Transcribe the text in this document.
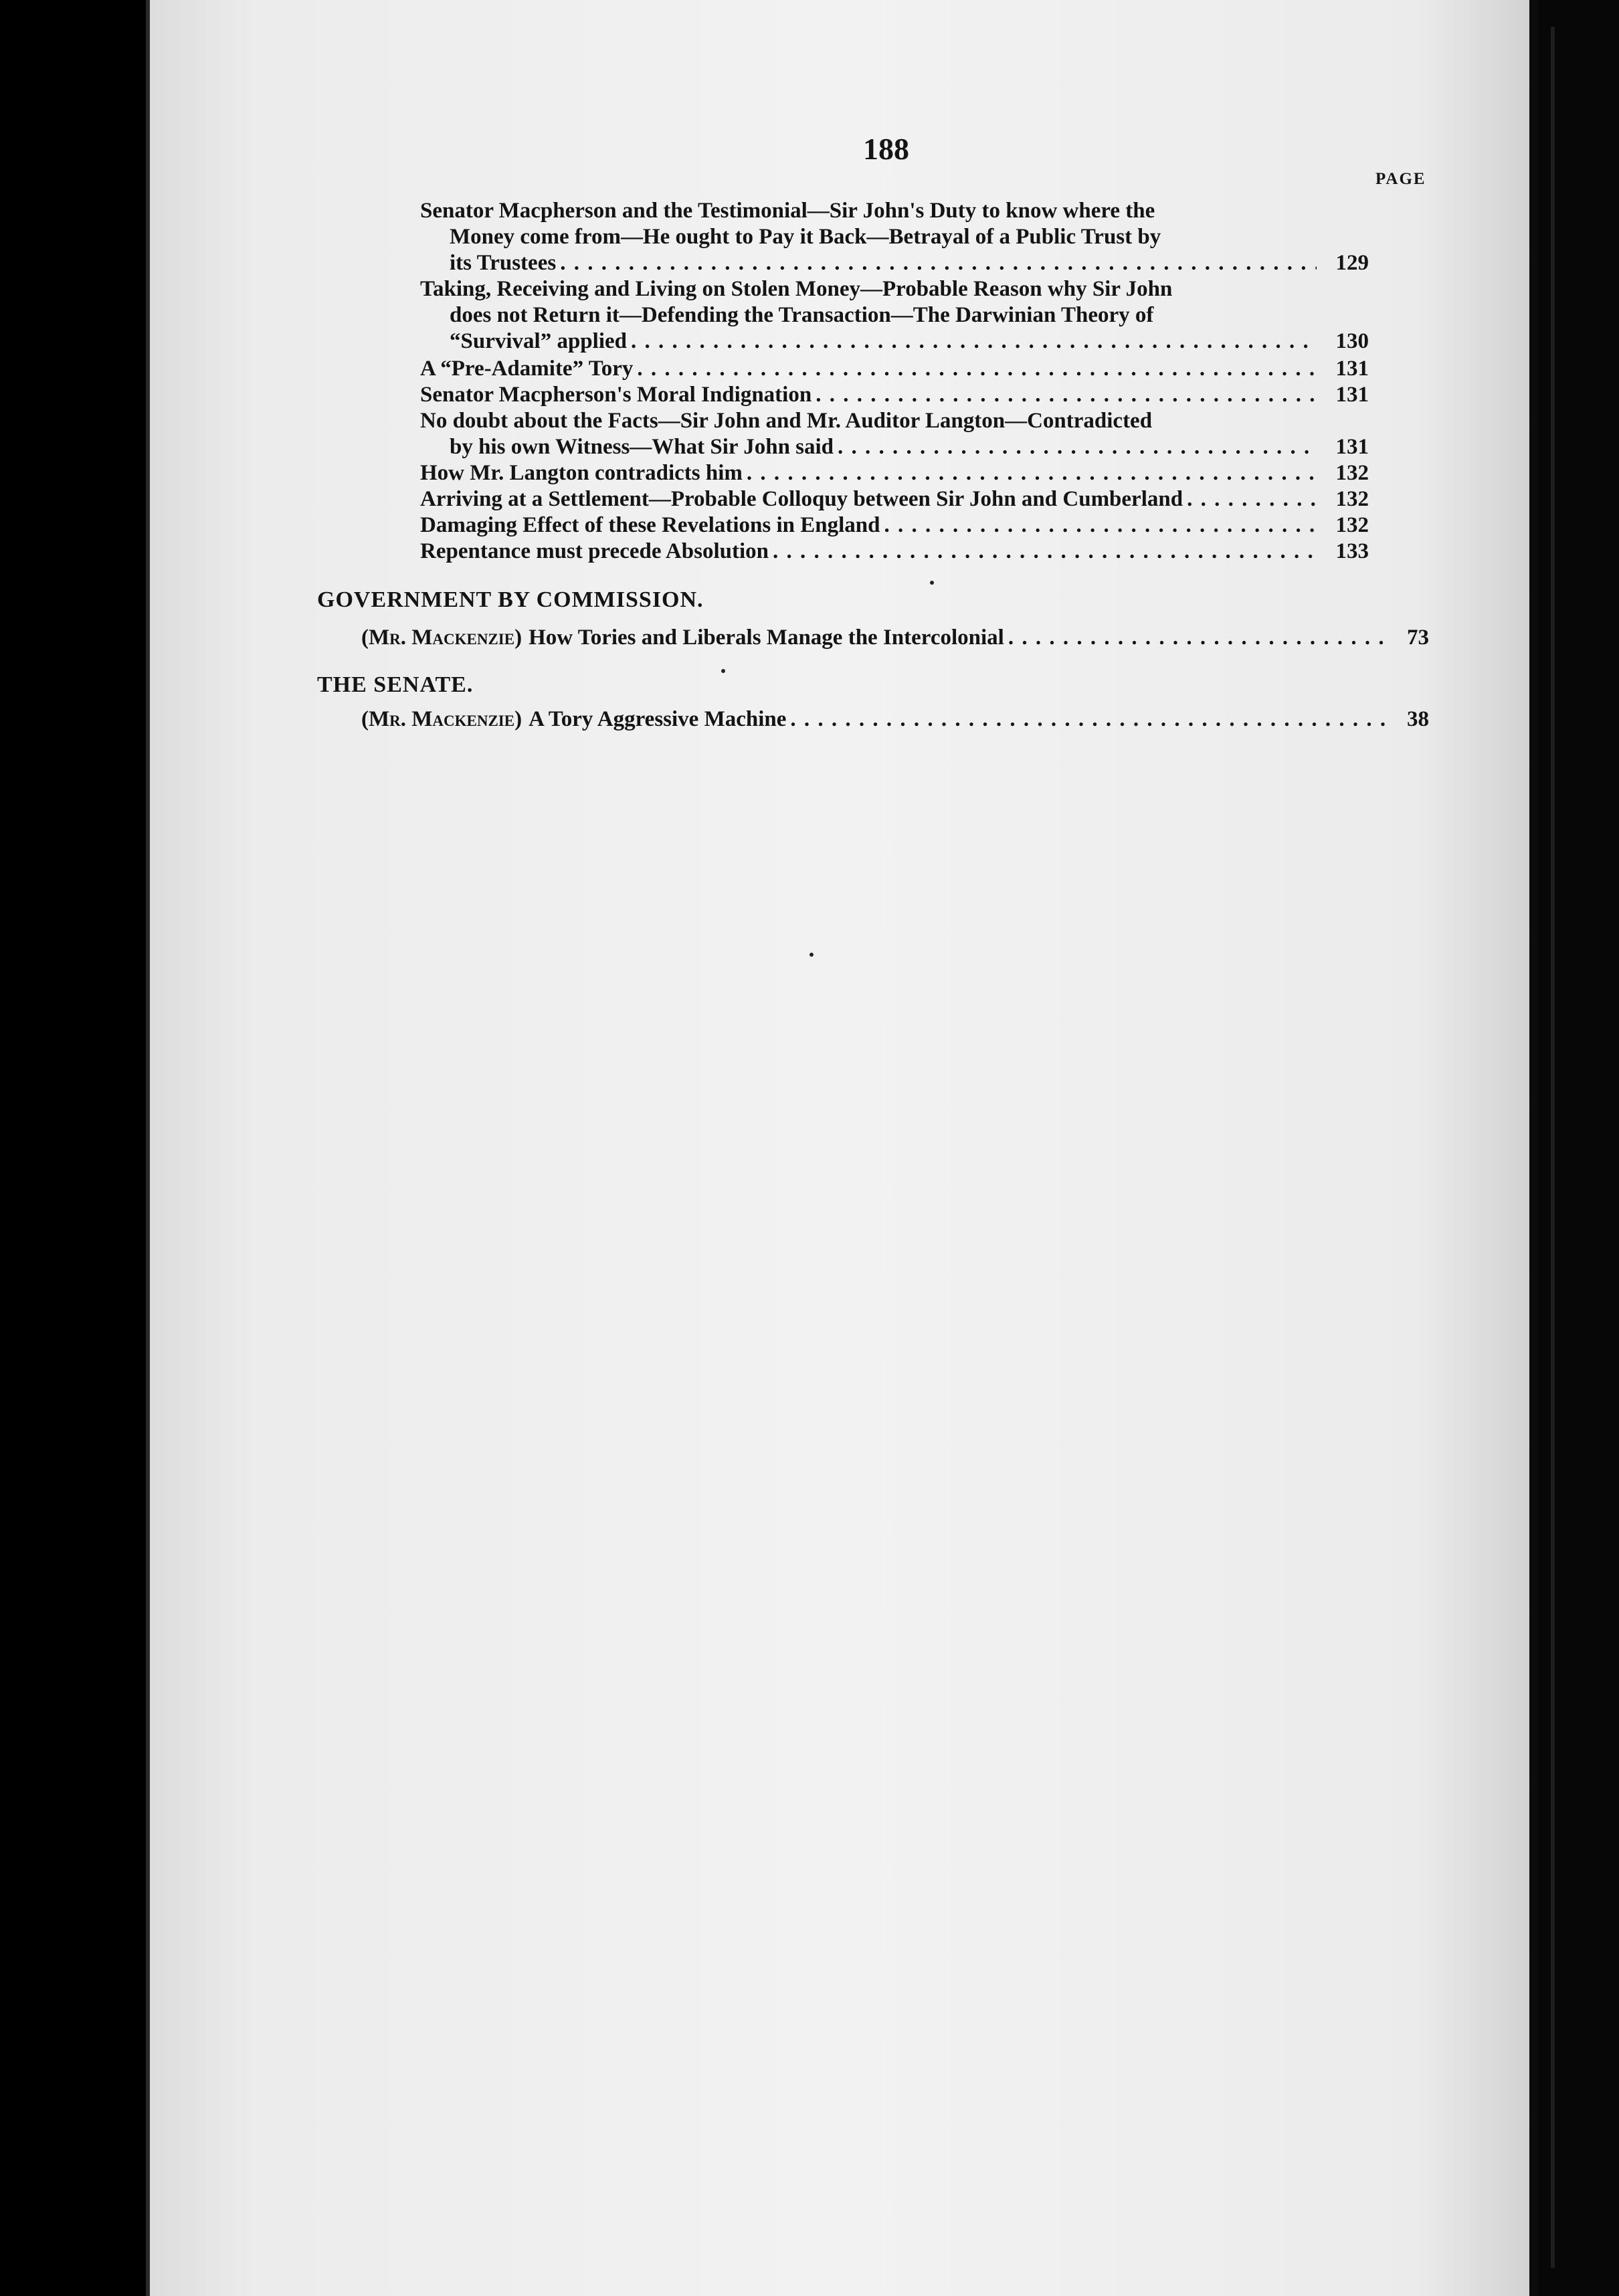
188
PAGE
Senator Macpherson and the Testimonial—Sir John's Duty to know where the
Money come from—He ought to Pay it Back—Betrayal of a Public Trust by
its Trustees . . .	129
Taking, Receiving and Living on Stolen Money—Probable Reason why Sir John
does not Return it—Defending the Transaction—The Darwinian Theory of
“Survival” applied . . .	130
A “Pre-Adamite” Tory . . .	131
Senator Macpherson's Moral Indignation . . .	131
No doubt about the Facts—Sir John and Mr. Auditor Langton—Contradicted
by his own Witness—What Sir John said . . .	131
How Mr. Langton contradicts him . . .	132
Arriving at a Settlement—Probable Colloquy between Sir John and Cumberland . . .	132
Damaging Effect of these Revelations in England . . .	132
Repentance must precede Absolution . . .	133
GOVERNMENT BY COMMISSION.
(Mr. Mackenzie) How Tories and Liberals Manage the Intercolonial . . .	73
THE SENATE.
(Mr. Mackenzie) A Tory Aggressive Machine . . .	38
